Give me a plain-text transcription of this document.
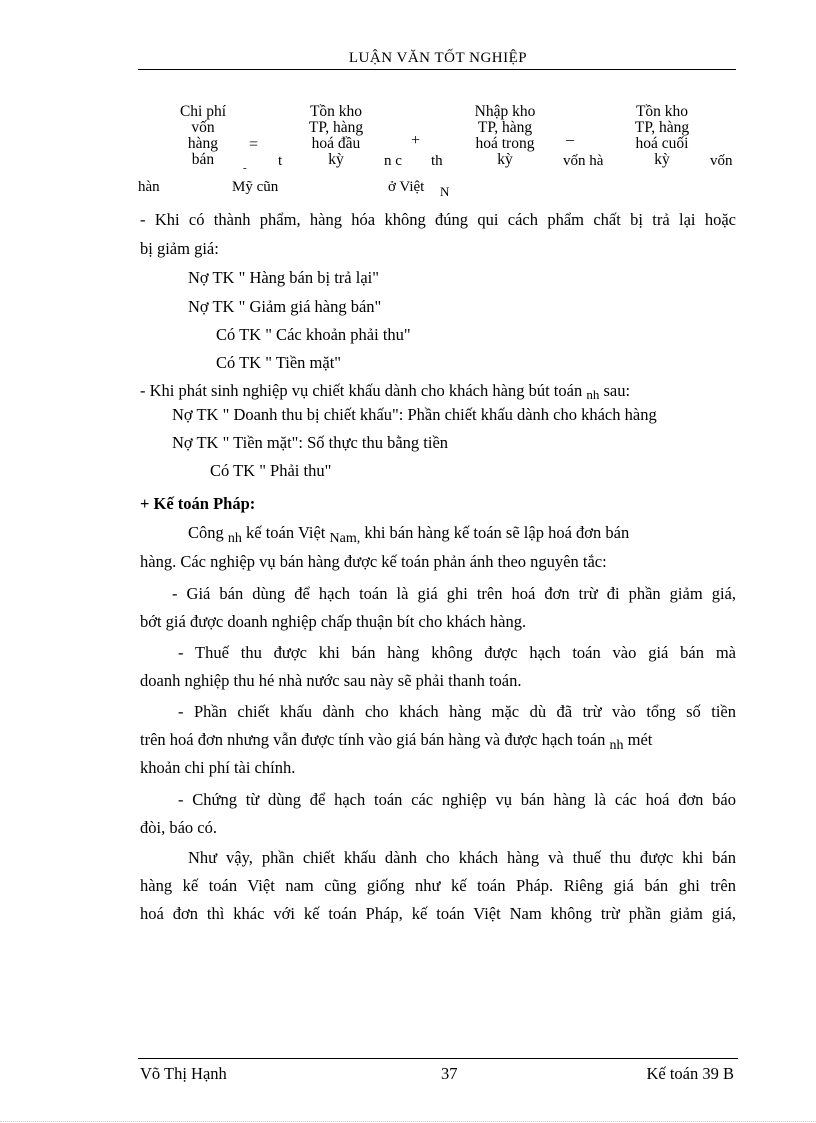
LUẬN VĂN TỐT NGHIỆP
Chi phí
vốn
hàng
bán
=
Tồn kho
TP, hàng
hoá đầu
kỳ
+
Nhập kho
TP, hàng
hoá trong
kỳ
_
Tồn kho
TP, hàng
hoá cuối
kỳ
- t	n c th	vốn hà	vốn
hàn	Mỹ cũn	ở Việt N
- Khi có thành phẩm, hàng hóa không đúng qui cách phẩm chất bị trả lại hoặc
bị giảm giá:
Nợ TK " Hàng bán bị trả lại"
Nợ TK " Giảm giá hàng bán"
Có TK " Các khoản phải thu"
Có TK " Tiền mặt"
- Khi phát sinh nghiệp vụ chiết khấu dành cho khách hàng bút toán nh sau:
Nợ TK " Doanh thu bị chiết khấu": Phần chiết khấu dành cho khách hàng
Nợ TK " Tiền mặt": Số thực thu bằng tiền
Có TK " Phải thu"
+ Kế toán Pháp:
Công $_{nh}$ kế toán Việt $_{Nam,}$ khi bán hàng kế toán sẽ lập hoá đơn bán
hàng. Các nghiệp vụ bán hàng được kế toán phản ánh theo nguyên tắc:
- Giá bán dùng để hạch toán là giá ghi trên hoá đơn trừ đi phần giảm giá,
bớt giá được doanh nghiệp chấp thuận bít cho khách hàng.
- Thuế thu được khi bán hàng không được hạch toán vào giá bán mà
doanh nghiệp thu hé nhà nước sau này sẽ phải thanh toán.
- Phần chiết khấu dành cho khách hàng mặc dù đã trừ vào tổng số tiền
trên hoá đơn nhưng vẫn được tính vào giá bán hàng và được hạch toán $_{nh}$ mét
khoản chi phí tài chính.
- Chứng từ dùng để hạch toán các nghiệp vụ bán hàng là các hoá đơn báo
đòi, báo có.
Như vậy, phần chiết khấu dành cho khách hàng và thuế thu được khi bán
hàng kế toán Việt nam cũng giống như kế toán Pháp. Riêng giá bán ghi trên
hoá đơn thì khác với kế toán Pháp, kế toán Việt Nam không trừ phần giảm giá,
Võ Thị Hạnh	37	Kế toán 39 B
